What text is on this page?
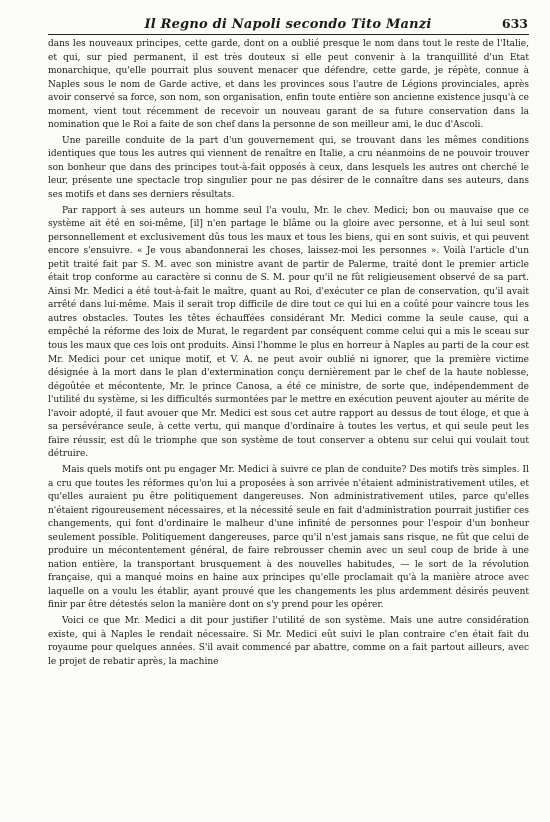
Il Regno di Napoli secondo Tito Manzi	633

dans les nouveaux principes, cette garde, dont on a oublié presque le nom dans tout le reste de l'Italie, et qui, sur pied permanent, il est très douteux si elle peut convenir à la tranquillité d'un Etat monarchique, qu'elle pourrait plus souvent menacer que défendre, cette garde, je répète, connue à Naples sous le nom de Garde active, et dans les provinces sous l'autre de Légions provinciales, après avoir conservé sa force, son nom, son organisation, enfin toute entière son ancienne existence jusqu'à ce moment, vient tout récemment de recevoir un nouveau garant de sa future conservation dans la nomination que le Roi a faite de son chef dans la personne de son meilleur ami, le duc d'Ascoli.

Une pareille conduite de la part d'un gouvernement qui, se trouvant dans les mêmes conditions identiques que tous les autres qui viennent de renaître en Italie, a cru néanmoins de ne pouvoir trouver son bonheur que dans des principes tout-à-fait opposés à ceux, dans lesquels les autres ont cherché le leur, présente une spectacle trop singulier pour ne pas désirer de le connaître dans ses auteurs, dans ses motifs et dans ses derniers résultats.

Par rapport à ses auteurs un homme seul l'a voulu, Mr. le chev. Medici; bon ou mauvaise que ce système ait été en soi-même, [il] n'en partage le blâme ou la gloire avec personne, et à lui seul sont personnellement et exclusivement dûs tous les maux et tous les biens, qui en sont suivis, et qui peuvent encore s'ensuivre. « Je vous abandonnerai les choses, laissez-moi les personnes ». Voilà l'article d'un petit traité fait par S. M. avec son ministre avant de partir de Palerme, traité dont le premier article était trop conforme au caractère si connu de S. M. pour qu'il ne fût religieusement observé de sa part. Ainsi Mr. Medici a été tout-à-fait le maître, quant au Roi, d'exécuter ce plan de conservation, qu'il avait arrêté dans lui-même. Mais il serait trop difficile de dire tout ce qui lui en a coûté pour vaincre tous les autres obstacles. Toutes les têtes échauffées considérant Mr. Medici comme la seule cause, qui a empêché la réforme des loix de Murat, le regardent par conséquent comme celui qui a mis le sceau sur tous les maux que ces lois ont produits. Ainsi l'homme le plus en horreur à Naples au parti de la cour est Mr. Medici pour cet unique motif, et V. A. ne peut avoir oublié ni ignorer, que la première victime désignée à la mort dans le plan d'extermination conçu dernièrement par le chef de la haute noblesse, dégoûtée et mécontente, Mr. le prince Canosa, a été ce ministre, de sorte que, indépendemment de l'utilité du système, si les difficultés surmontées par le mettre en exécution peuvent ajouter au mérite de l'avoir adopté, il faut avouer que Mr. Medici est sous cet autre rapport au dessus de tout éloge, et que à sa persévérance seule, à cette vertu, qui manque d'ordinaire à toutes les vertus, et qui seule peut les faire réussir, est dû le triomphe que son système de tout conserver a obtenu sur celui qui voulait tout détruire.

Mais quels motifs ont pu engager Mr. Medici à suivre ce plan de conduite? Des motifs très simples. Il a cru que toutes les réformes qu'on lui a proposées à son arrivée n'étaient administrativement utiles, et qu'elles auraient pu être politiquement dangereuses. Non administrativement utiles, parce qu'elles n'étaient rigoureusement nécessaires, et la nécessité seule en fait d'administration pourrait justifier ces changements, qui font d'ordinaire le malheur d'une infinité de personnes pour l'espoir d'un bonheur seulement possible. Politiquement dangereuses, parce qu'il n'est jamais sans risque, ne fût que celui de produire un mécontentement général, de faire rebrousser chemin avec un seul coup de bride à une nation entière, la transportant brusquement à des nouvelles habitudes, — le sort de la révolution française, qui a manqué moins en haine aux principes qu'elle proclamait qu'à la manière atroce avec laquelle on a voulu les établir, ayant prouvé que les changements les plus ardemment désirés peuvent finir par être détestés selon la manière dont on s'y prend pour les opérer.

Voici ce que Mr. Medici a dit pour justifier l'utilité de son système. Mais une autre considération existe, qui à Naples le rendait nécessaire. Si Mr. Medici eût suivi le plan contraire c'en était fait du royaume pour quelques années. S'il avait commencé par abattre, comme on a fait partout ailleurs, avec le projet de rebatir après, la machine
